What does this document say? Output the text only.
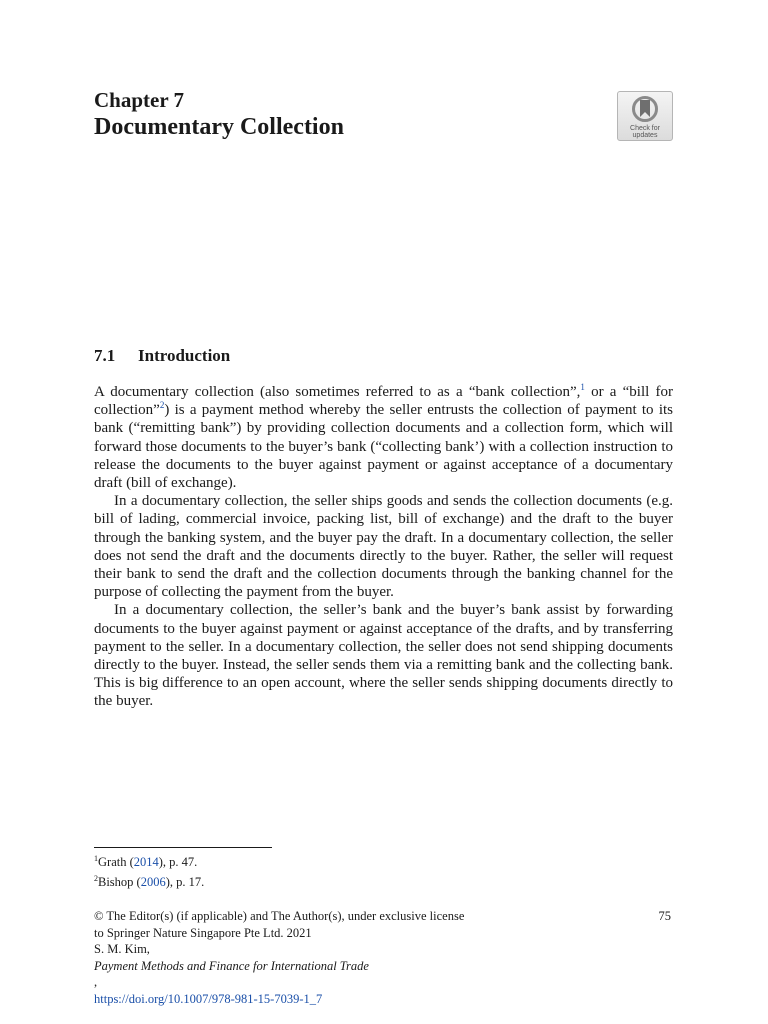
Chapter 7
Documentary Collection	Check for
updates
7.1 Introduction

A documentary collection (also sometimes referred to as a “bank collection”,$^1$ or a “bill for collection”$^2$) is a payment method whereby the seller entrusts the collection of payment to its bank (“remitting bank”) by providing collection documents and a collection form, which will forward those documents to the buyer’s bank (“collecting bank’) with a collection instruction to release the documents to the buyer against payment or against acceptance of a documentary draft (bill of exchange).

In a documentary collection, the seller ships goods and sends the collection documents (e.g. bill of lading, commercial invoice, packing list, bill of exchange) and the draft to the buyer through the banking system, and the buyer pay the draft. In a documentary collection, the seller does not send the draft and the documents directly to the buyer. Rather, the seller will request their bank to send the draft and the collection documents through the banking channel for the purpose of collecting the payment from the buyer.

In a documentary collection, the seller’s bank and the buyer’s bank assist by forwarding documents to the buyer against payment or against acceptance of the drafts, and by transferring payment to the seller. In a documentary collection, the seller does not send shipping documents directly to the buyer. Instead, the seller sends them via a remitting bank and the collecting bank. This is big difference to an open account, where the seller sends shipping documents directly to the buyer.

$^1$Grath (2014), p. 47.
$^2$Bishop (2006), p. 17.
© The Editor(s) (if applicable) and The Author(s), under exclusive license
to Springer Nature Singapore Pte Ltd. 2021
S. M. Kim,
Payment Methods and Finance for International Trade
,
https://doi.org/10.1007/978-981-15-7039-1_7
75
